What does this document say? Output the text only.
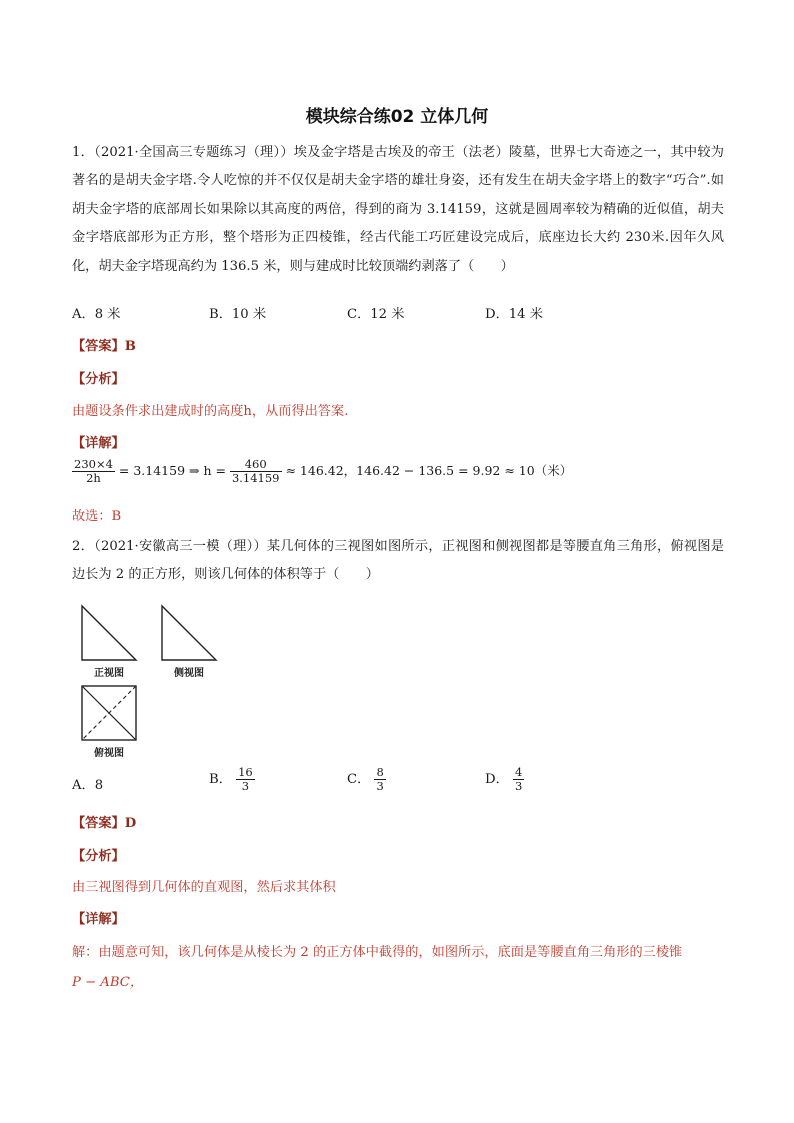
模块综合练02 立体几何
1．（2021·全国高三专题练习（理））埃及金字塔是古埃及的帝王（法老）陵墓，世界七大奇迹之一，其中较为著名的是胡夫金字塔.令人吃惊的并不仅仅是胡夫金字塔的雄壮身姿，还有发生在胡夫金字塔上的数字“巧合”.如胡夫金字塔的底部周长如果除以其高度的两倍，得到的商为 3.14159，这就是圆周率较为精确的近似值，胡夫金字塔底部形为正方形，整个塔形为正四棱锥，经古代能工巧匠建设完成后，底座边长大约 230米.因年久风化，胡夫金字塔现高约为 136.5 米，则与建成时比较顶端约剥落了（　　）
A．8 米	B．10 米	C．12 米	D．14 米
【答案】B
【分析】
由题设条件求出建成时的高度h，从而得出答案.
【详解】
$\frac{230\times 4}{2h} = 3.14159$ ⇒ $h = \frac{460}{3.14159} \approx 146.42$，146.42 − 136.5 = 9.92 ≈ 10（米）
故选：B
2．（2021·安徽高三一模（理））某几何体的三视图如图所示，正视图和侧视图都是等腰直角三角形，俯视图是边长为 2 的正方形，则该几何体的体积等于（　　）
正视图	侧视图
俯视图
A．8	B． $\frac{16}{3}$	C． $\frac{8}{3}$	D． $\frac{4}{3}$
【答案】D
【分析】
由三视图得到几何体的直观图，然后求其体积
【详解】
解：由题意可知，该几何体是从棱长为 2 的正方体中截得的，如图所示，底面是等腰直角三角形的三棱锥
P − ABC，
